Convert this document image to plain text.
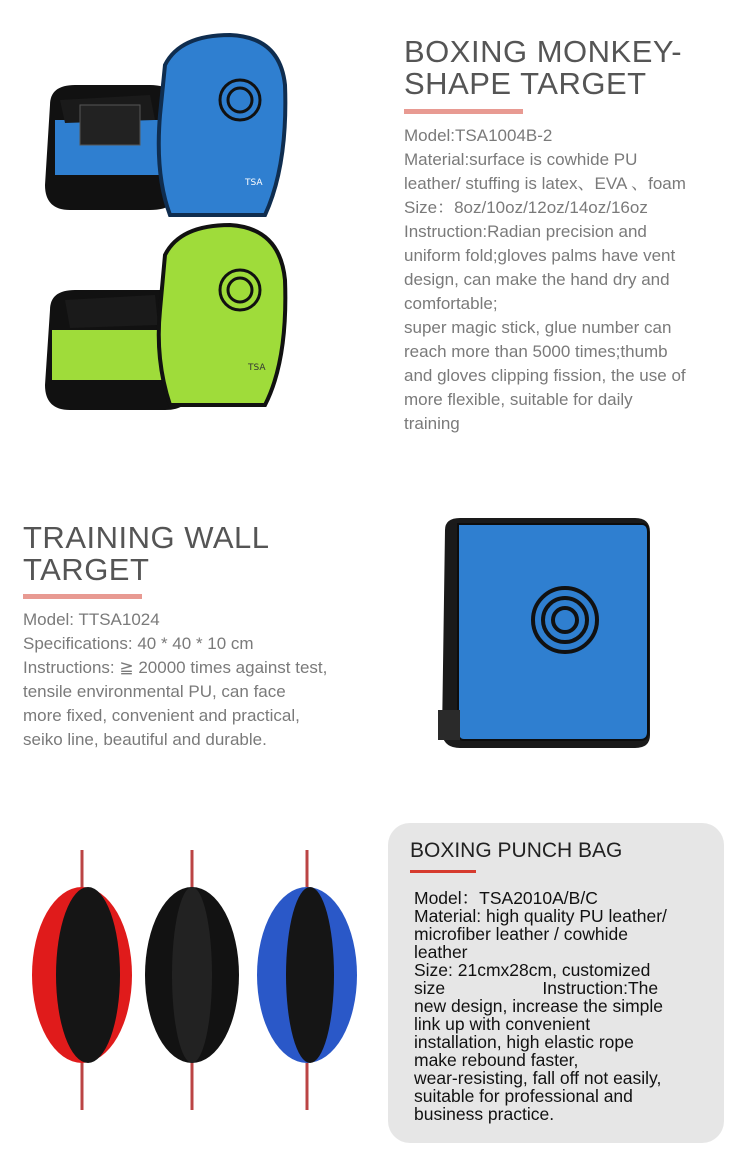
TSA
TSA
BOXING MONKEY-
SHAPE TARGET
Model:TSA1004B-2
Material:surface is cowhide PU
leather/ stuffing is latex、EVA 、foam
Size：8oz/10oz/12oz/14oz/16oz
Instruction:Radian precision and
uniform fold;gloves palms have vent
design, can make the hand dry and
comfortable;
super magic stick, glue number can
reach more than 5000 times;thumb
and gloves clipping fission, the use of
more flexible, suitable for daily
training
TRAINING WALL
TARGET
Model: TTSA1024
Specifications: 40 * 40 * 10 cm
Instructions: ≧ 20000 times against test,
tensile environmental PU, can face
more fixed, convenient and practical,
seiko line, beautiful and durable.
BOXING PUNCH BAG
Model：TSA2010A/B/C
Material: high quality PU leather/
microfiber leather / cowhide
leather
Size: 21cmx28cm, customized
size                    Instruction:The
new design, increase the simple
link up with convenient
installation, high elastic rope
make rebound faster,
wear-resisting, fall off not easily,
suitable for professional and
business practice.
